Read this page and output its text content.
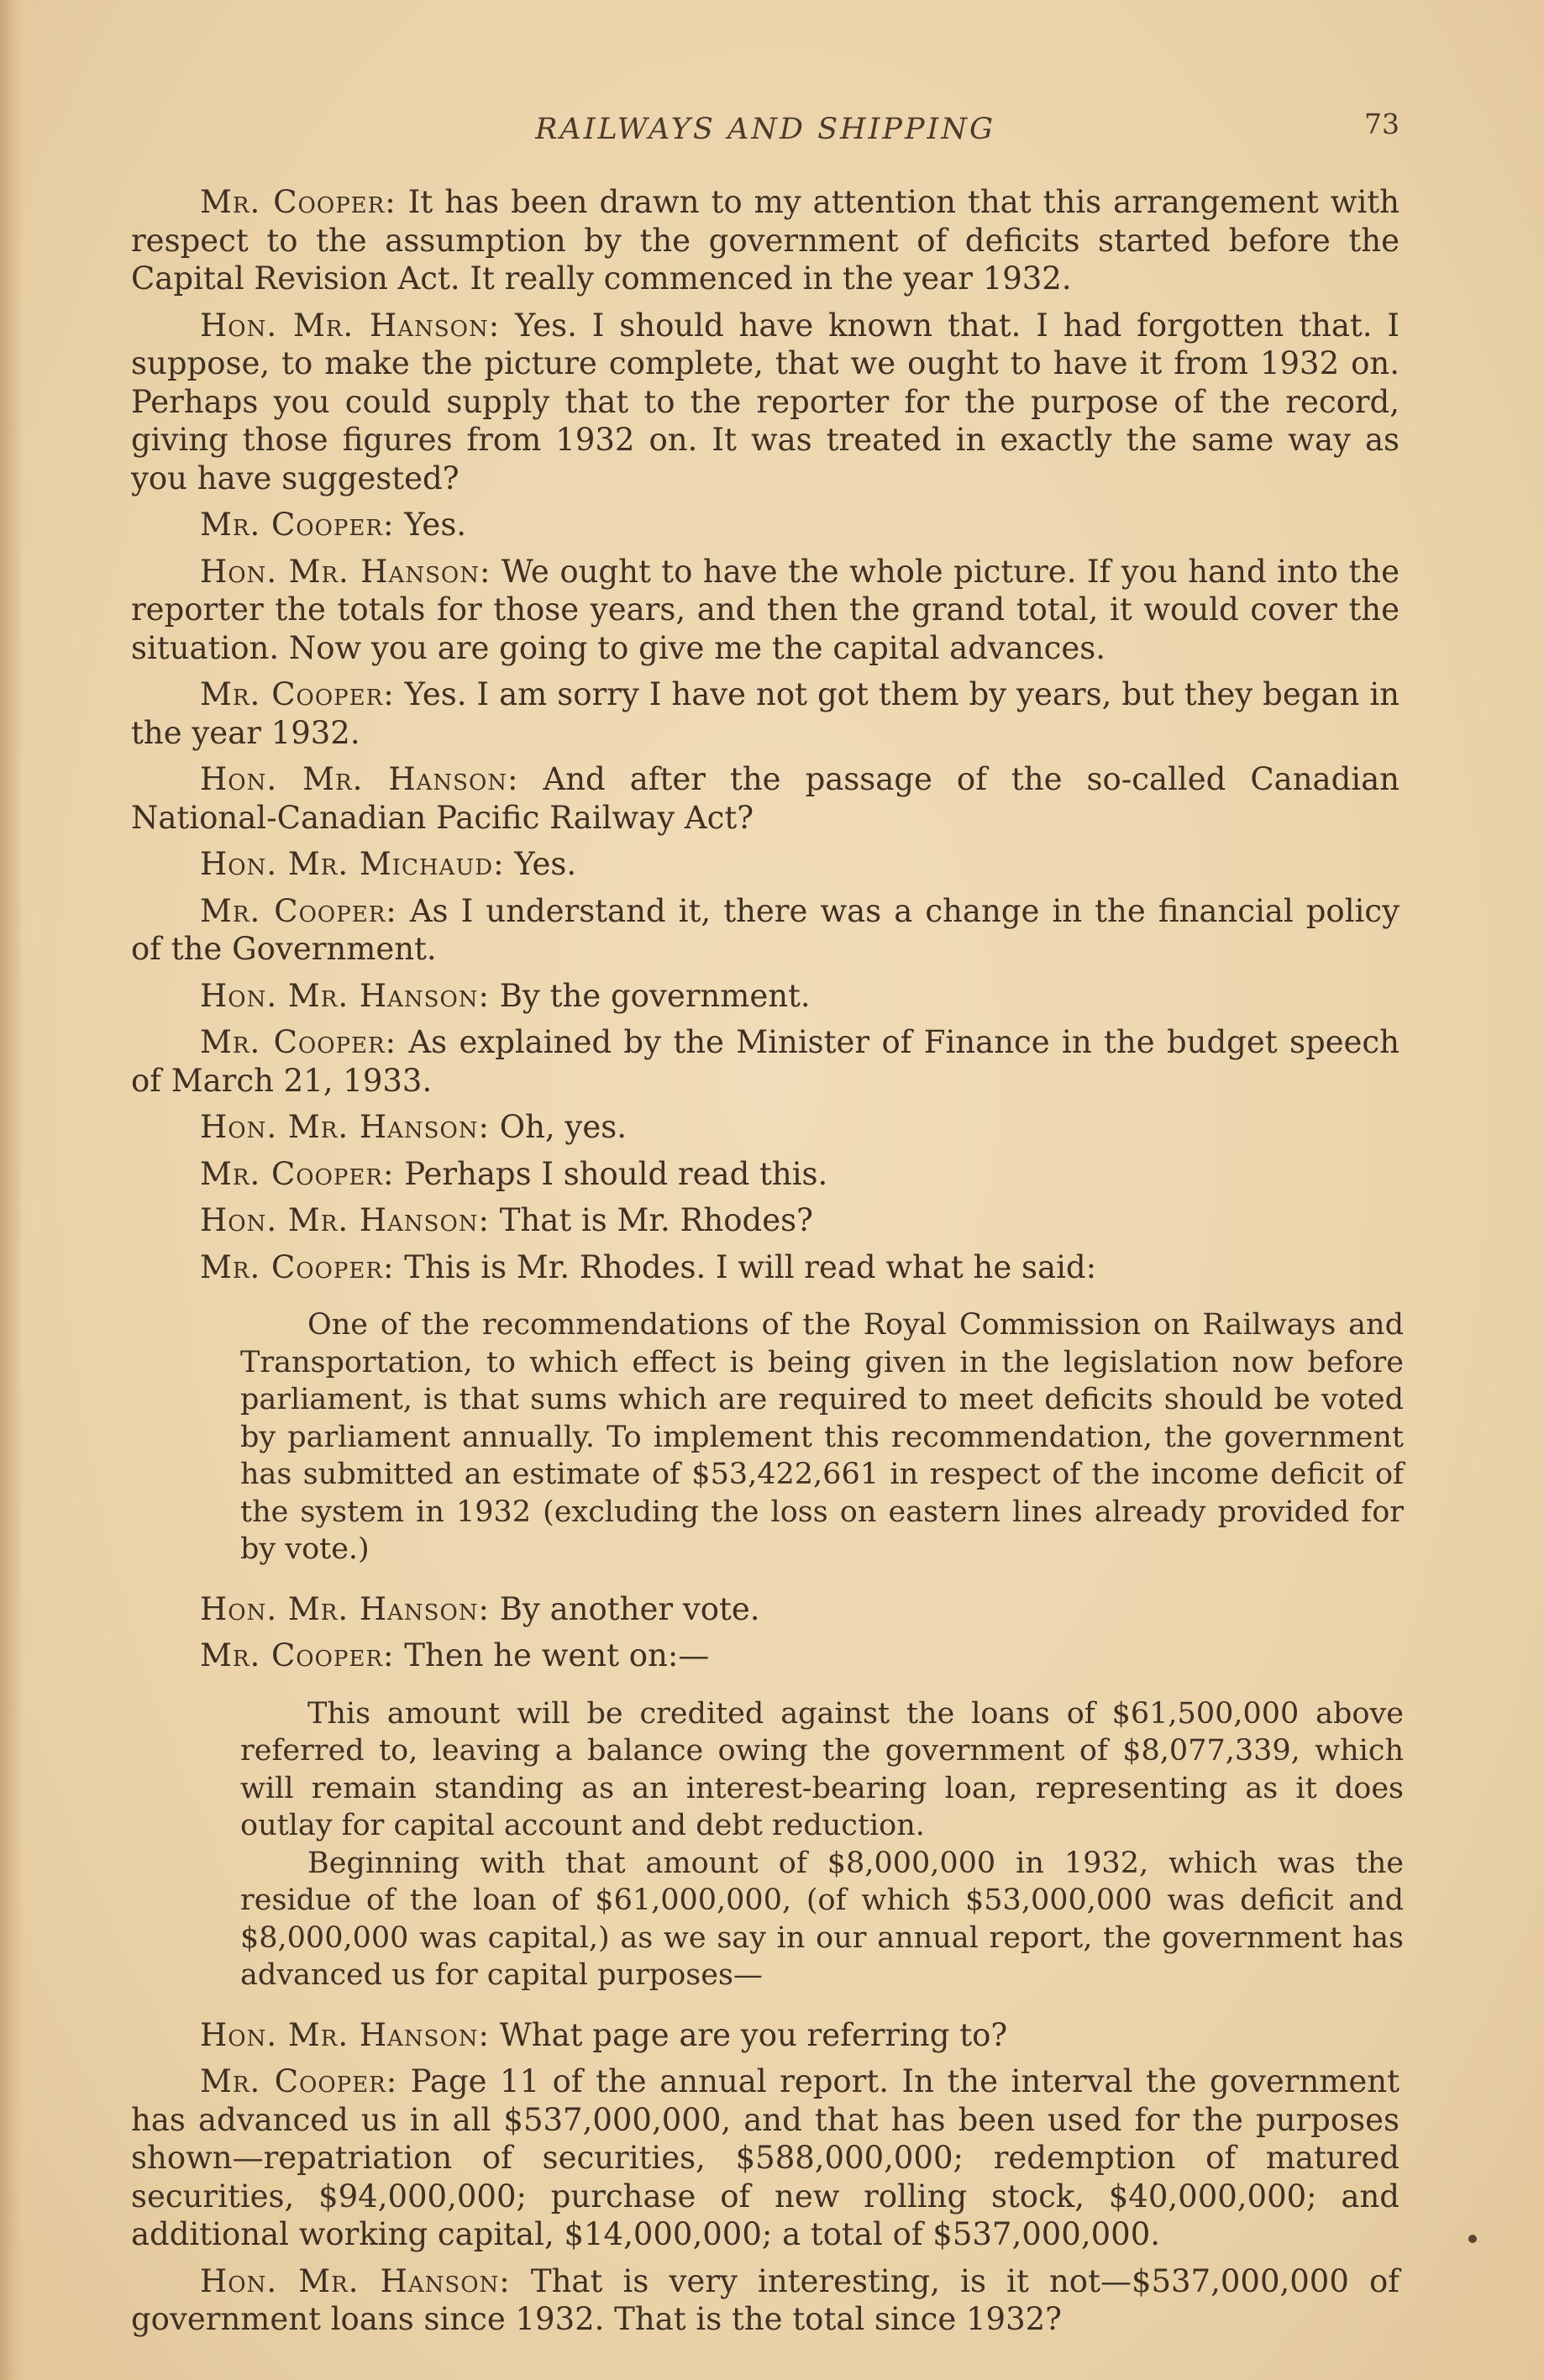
RAILWAYS AND SHIPPING	73

Mr. Cooper: It has been drawn to my attention that this arrangement with respect to the assumption by the government of deficits started before the Capital Revision Act. It really commenced in the year 1932.

Hon. Mr. Hanson: Yes. I should have known that. I had forgotten that. I suppose, to make the picture complete, that we ought to have it from 1932 on. Perhaps you could supply that to the reporter for the purpose of the record, giving those figures from 1932 on. It was treated in exactly the same way as you have suggested?

Mr. Cooper: Yes.

Hon. Mr. Hanson: We ought to have the whole picture. If you hand into the reporter the totals for those years, and then the grand total, it would cover the situation. Now you are going to give me the capital advances.

Mr. Cooper: Yes. I am sorry I have not got them by years, but they began in the year 1932.

Hon. Mr. Hanson: And after the passage of the so-called Canadian National-Canadian Pacific Railway Act?

Hon. Mr. Michaud: Yes.

Mr. Cooper: As I understand it, there was a change in the financial policy of the Government.

Hon. Mr. Hanson: By the government.

Mr. Cooper: As explained by the Minister of Finance in the budget speech of March 21, 1933.

Hon. Mr. Hanson: Oh, yes.

Mr. Cooper: Perhaps I should read this.

Hon. Mr. Hanson: That is Mr. Rhodes?

Mr. Cooper: This is Mr. Rhodes. I will read what he said:

One of the recommendations of the Royal Commission on Railways and Transportation, to which effect is being given in the legislation now before parliament, is that sums which are required to meet deficits should be voted by parliament annually. To implement this recommendation, the government has submitted an estimate of $53,422,661 in respect of the income deficit of the system in 1932 (excluding the loss on eastern lines already provided for by vote.)

Hon. Mr. Hanson: By another vote.

Mr. Cooper: Then he went on:—

This amount will be credited against the loans of $61,500,000 above referred to, leaving a balance owing the government of $8,077,339, which will remain standing as an interest-bearing loan, representing as it does outlay for capital account and debt reduction.

Beginning with that amount of $8,000,000 in 1932, which was the residue of the loan of $61,000,000, (of which $53,000,000 was deficit and $8,000,000 was capital,) as we say in our annual report, the government has advanced us for capital purposes—

Hon. Mr. Hanson: What page are you referring to?

Mr. Cooper: Page 11 of the annual report. In the interval the government has advanced us in all $537,000,000, and that has been used for the purposes shown—repatriation of securities, $588,000,000; redemption of matured securities, $94,000,000; purchase of new rolling stock, $40,000,000; and additional working capital, $14,000,000; a total of $537,000,000.

Hon. Mr. Hanson: That is very interesting, is it not—$537,000,000 of government loans since 1932. That is the total since 1932?
